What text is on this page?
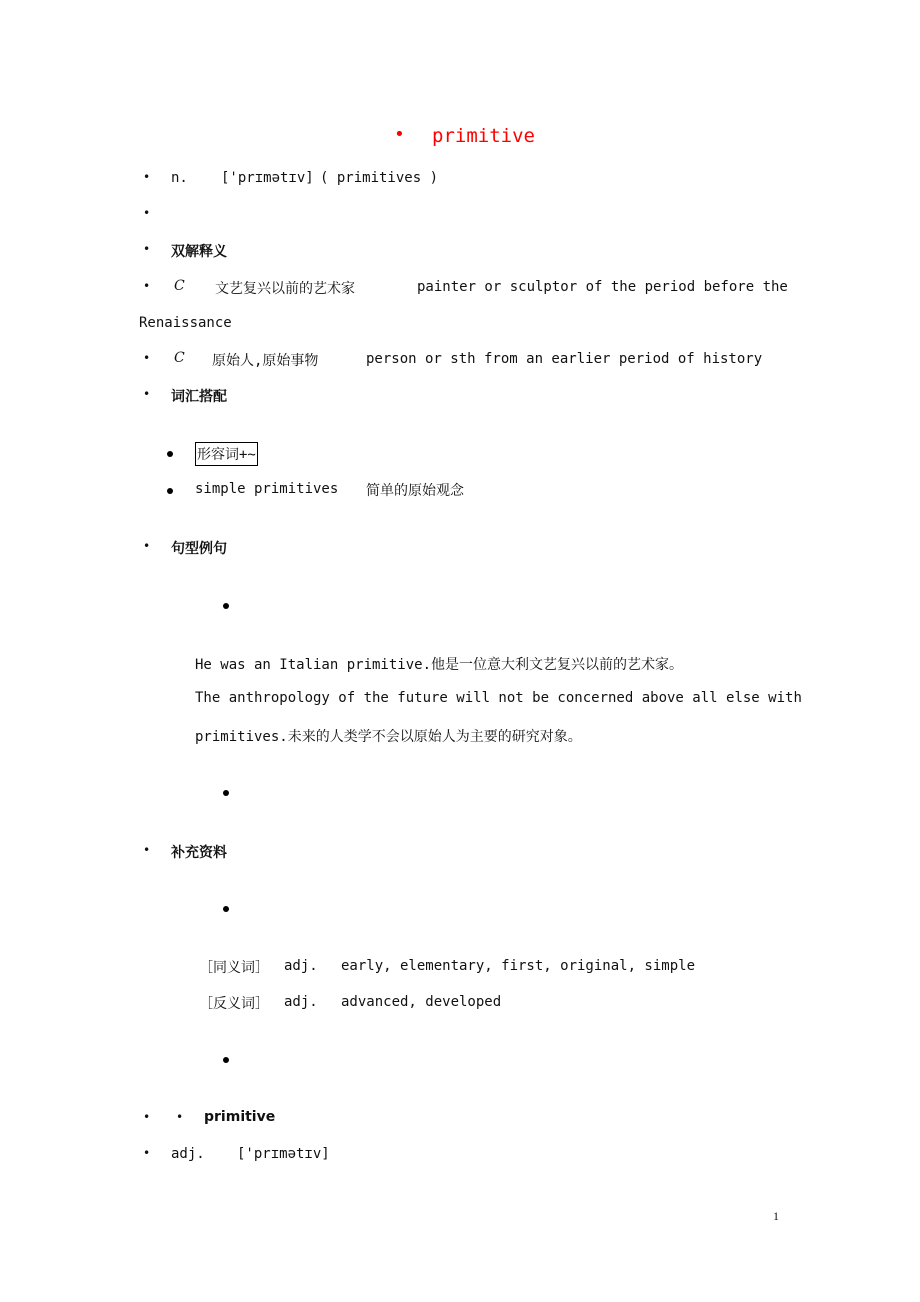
• primitive
• n. ['prɪmətɪv] ( primitives )
•
• 双解释义
• C 文艺复兴以前的艺术家	painter or sculptor of the period before the
Renaissance
• C 原始人,原始事物	person or sth from an earlier period of history
• 词汇搭配
形容词+~
simple primitives 简单的原始观念
• 句型例句
He was an Italian primitive.他是一位意大利文艺复兴以前的艺术家。
The anthropology of the future will not be concerned above all else with
primitives.未来的人类学不会以原始人为主要的研究对象。
• 补充资料
［同义词］ adj. early, elementary, first, original, simple
［反义词］ adj. advanced, developed
• • primitive
• adj. ['prɪmətɪv]
1
